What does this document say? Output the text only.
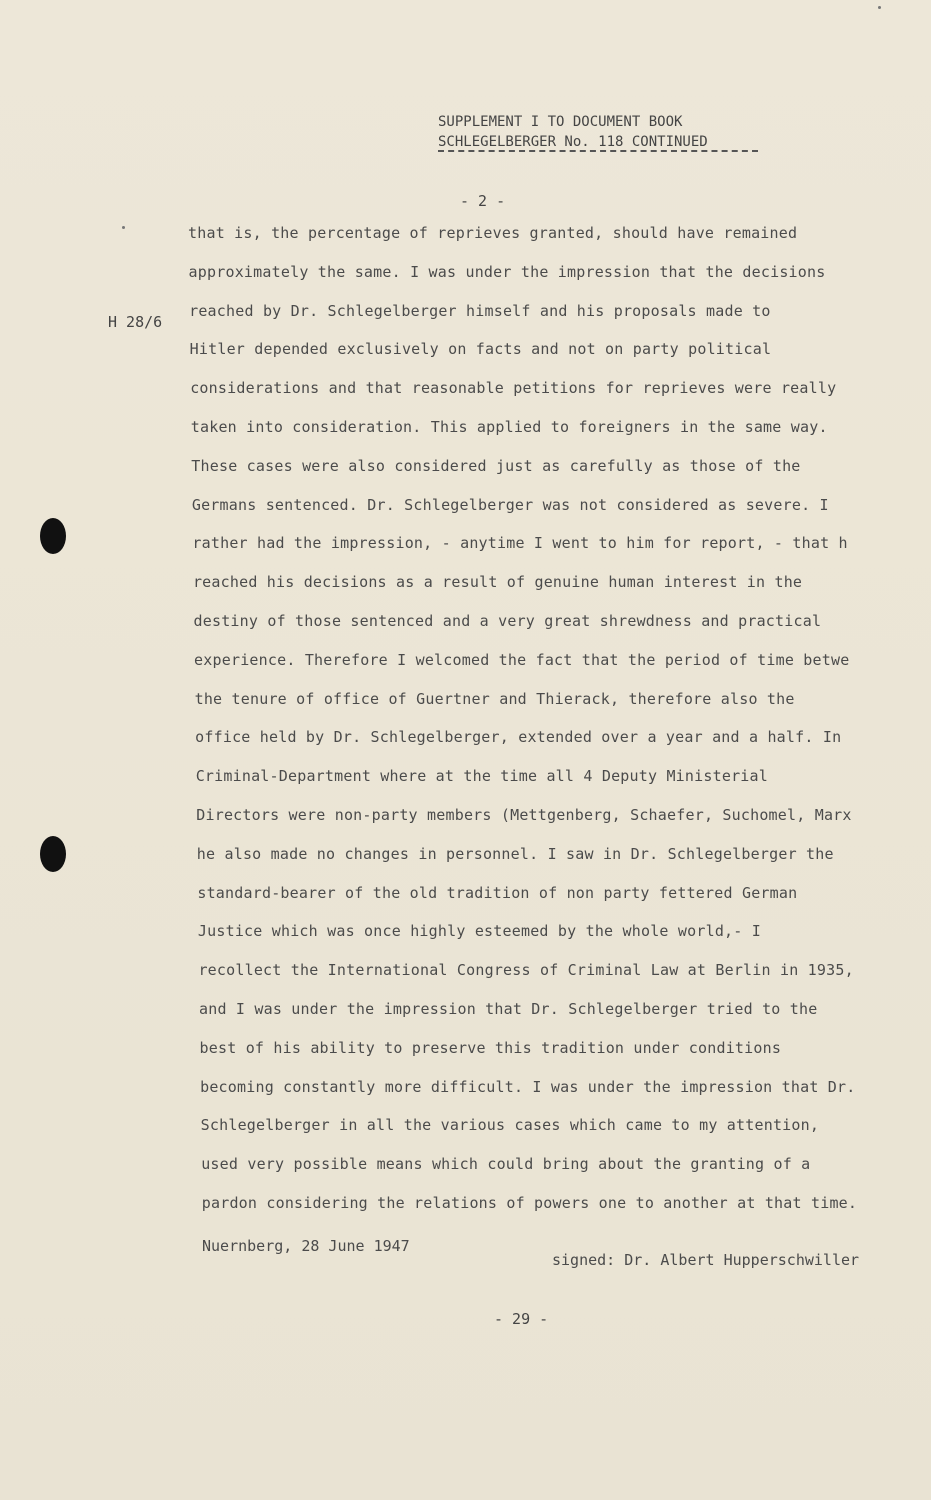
SUPPLEMENT I TO DOCUMENT BOOK
SCHLEGELBERGER No. 118 CONTINUED
- 2 -
H 28/6
that is, the percentage of reprieves granted, should have remained
approximately the same. I was under the impression that the decisions
reached by Dr. Schlegelberger himself and his proposals made to
Hitler depended exclusively on facts and not on party political
considerations and that reasonable petitions for reprieves were really
taken into consideration. This applied to foreigners in the same way.
These cases were also considered just as carefully as those of the
Germans sentenced. Dr. Schlegelberger was not considered as severe. I
rather had the impression, - anytime I went to him for report, - that h
reached his decisions as a result of genuine human interest in the
destiny of those sentenced and a very great shrewdness and practical
experience. Therefore I welcomed the fact that the period of time betwe
the tenure of office of Guertner and Thierack, therefore also the
office held by Dr. Schlegelberger, extended over a year and a half. In
Criminal-Department where at the time all 4 Deputy Ministerial
Directors were non-party members (Mettgenberg, Schaefer, Suchomel, Marx
he also made no changes in personnel. I saw in Dr. Schlegelberger the
standard-bearer of the old tradition of non party fettered German
Justice which was once highly esteemed by the whole world,- I
recollect the International Congress of Criminal Law at Berlin in 1935,
and I was under the impression that Dr. Schlegelberger tried to the
best of his ability to preserve this tradition under conditions
becoming constantly more difficult. I was under the impression that Dr.
Schlegelberger in all the various cases which came to my attention,
used very possible means which could bring about the granting of a
pardon considering the relations of powers one to another at that time.
Nuernberg, 28 June 1947
signed: Dr. Albert Hupperschwiller
- 29 -
